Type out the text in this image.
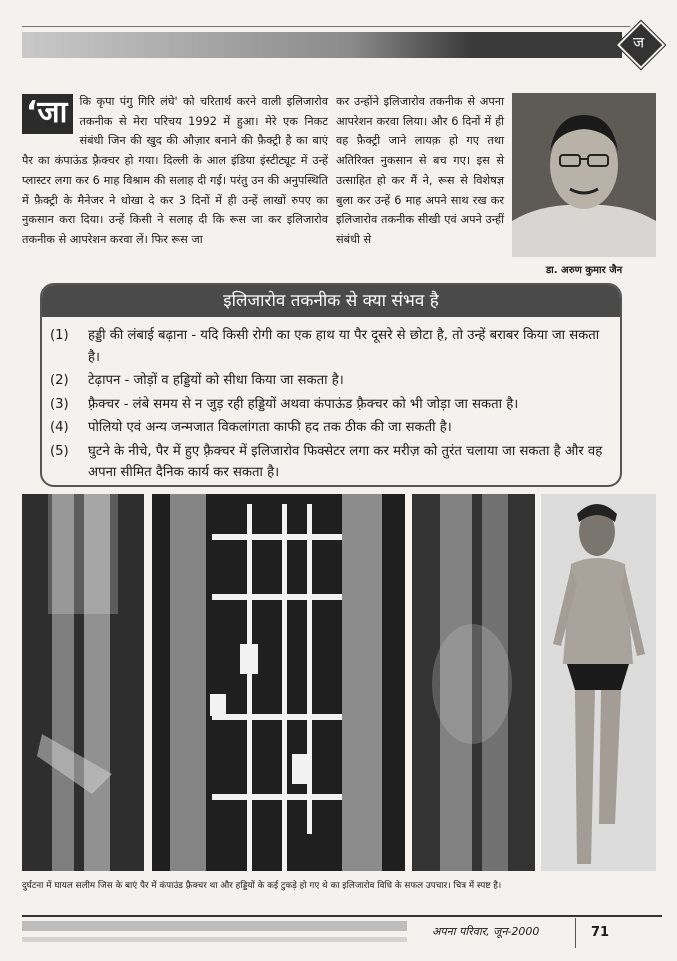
ज
‘जा	कि कृपा पंगु गिरि लंघे' को चरितार्थ करने वाली इलिजारोव तकनीक से मेरा परिचय 1992 में हुआ। मेरे एक निकट संबंधी जिन की खुद की औज़ार बनाने की फ़ैक्ट्री है का बाएं पैर का कंपाऊंड फ़्रैक्चर हो गया। दिल्ली के आल इंडिया इंस्टीट्यूट में उन्हें प्लास्टर लगा कर 6 माह विश्राम की सलाह दी गई। परंतु उन की अनुपस्थिति में फ़ैक्ट्री के मैनेजर ने धोखा दे कर 3 दिनों में ही उन्हें लाखों रुपए का नुकसान करा दिया। उन्हें किसी ने सलाह दी कि रूस जा कर इलिजारोव तकनीक से आपरेशन करवा लें। फिर रूस जा
कर उन्होंने इलिजारोव तकनीक से अपना आपरेशन करवा लिया। और 6 दिनों में ही वह फ़ैक्ट्री जाने लायक़ हो गए तथा अतिरिक्त नुकसान से बच गए। इस से उत्साहित हो कर मैं ने, रूस से विशेषज्ञ बुला कर उन्हें 6 माह अपने साथ रख कर इलिजारोव तकनीक सीखी एवं अपने उन्हीं संबंधी से
डा. अरुण कुमार जैन
इलिजारोव तकनीक से क्या संभव है
(1)	हड्डी की लंबाई बढ़ाना - यदि किसी रोगी का एक हाथ या पैर दूसरे से छोटा है, तो उन्हें बराबर किया जा सकता है।
(2)	टेढ़ापन - जोड़ों व हड्डियों को सीधा किया जा सकता है।
(3)	फ़्रैक्चर - लंबे समय से न जुड़ रही हड्डियों अथवा कंपाऊंड फ़्रैक्चर को भी जोड़ा जा सकता है।
(4)	पोलियो एवं अन्य जन्मजात विकलांगता काफी हद तक ठीक की जा सकती है।
(5)	घुटने के नीचे, पैर में हुए फ़्रैक्चर में इलिजारोव फिक्सेटर लगा कर मरीज़ को तुरंत चलाया जा सकता है और वह अपना सीमित दैनिक कार्य कर सकता है।
दुर्घटना में घायल सलीम जिस के बाएं पैर में कंपाउंड फ़्रैक्चर था और हड्डियों के कई टुकड़े हो गए थे का इलिजारोव विधि के सफल उपचार। चित्र में स्पष्ट है।
अपना परिवार, जून-2000	71
